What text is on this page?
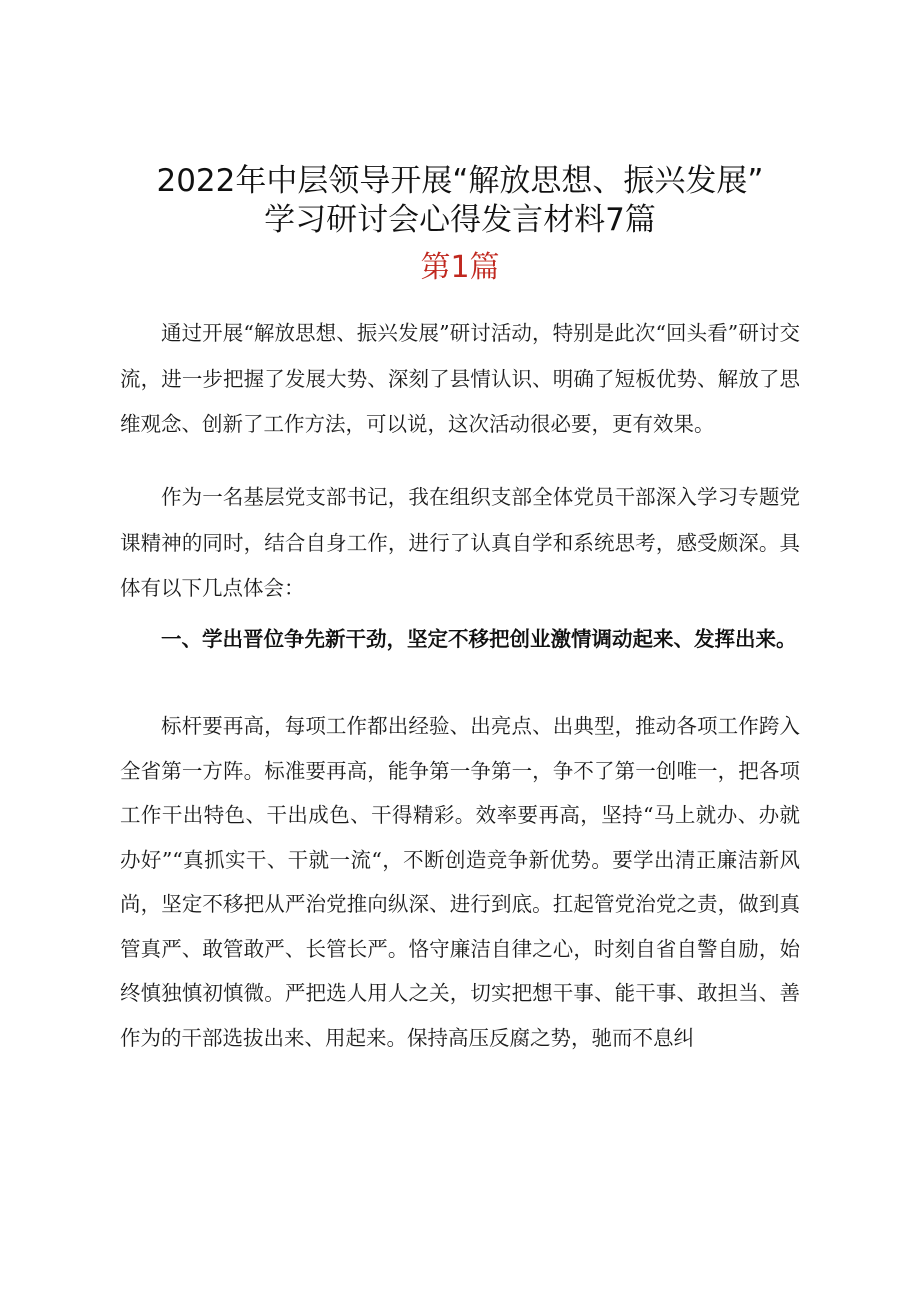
2022年中层领导开展“解放思想、振兴发展”
学习研讨会心得发言材料7篇
第1篇

通过开展“解放思想、振兴发展”研讨活动，特别是此次“回头看”研讨交流，进一步把握了发展大势、深刻了县情认识、明确了短板优势、解放了思维观念、创新了工作方法，可以说，这次活动很必要，更有效果。

作为一名基层党支部书记，我在组织支部全体党员干部深入学习专题党课精神的同时，结合自身工作，进行了认真自学和系统思考，感受颇深。具体有以下几点体会：

一、学出晋位争先新干劲，坚定不移把创业激情调动起来、发挥出来。

标杆要再高，每项工作都出经验、出亮点、出典型，推动各项工作跨入全省第一方阵。标准要再高，能争第一争第一，争不了第一创唯一，把各项工作干出特色、干出成色、干得精彩。效率要再高，坚持“马上就办、办就办好”“真抓实干、干就一流“，不断创造竞争新优势。要学出清正廉洁新风尚，坚定不移把从严治党推向纵深、进行到底。扛起管党治党之责，做到真管真严、敢管敢严、长管长严。恪守廉洁自律之心，时刻自省自警自励，始终慎独慎初慎微。严把选人用人之关，切实把想干事、能干事、敢担当、善作为的干部选拔出来、用起来。保持高压反腐之势，驰而不息纠
